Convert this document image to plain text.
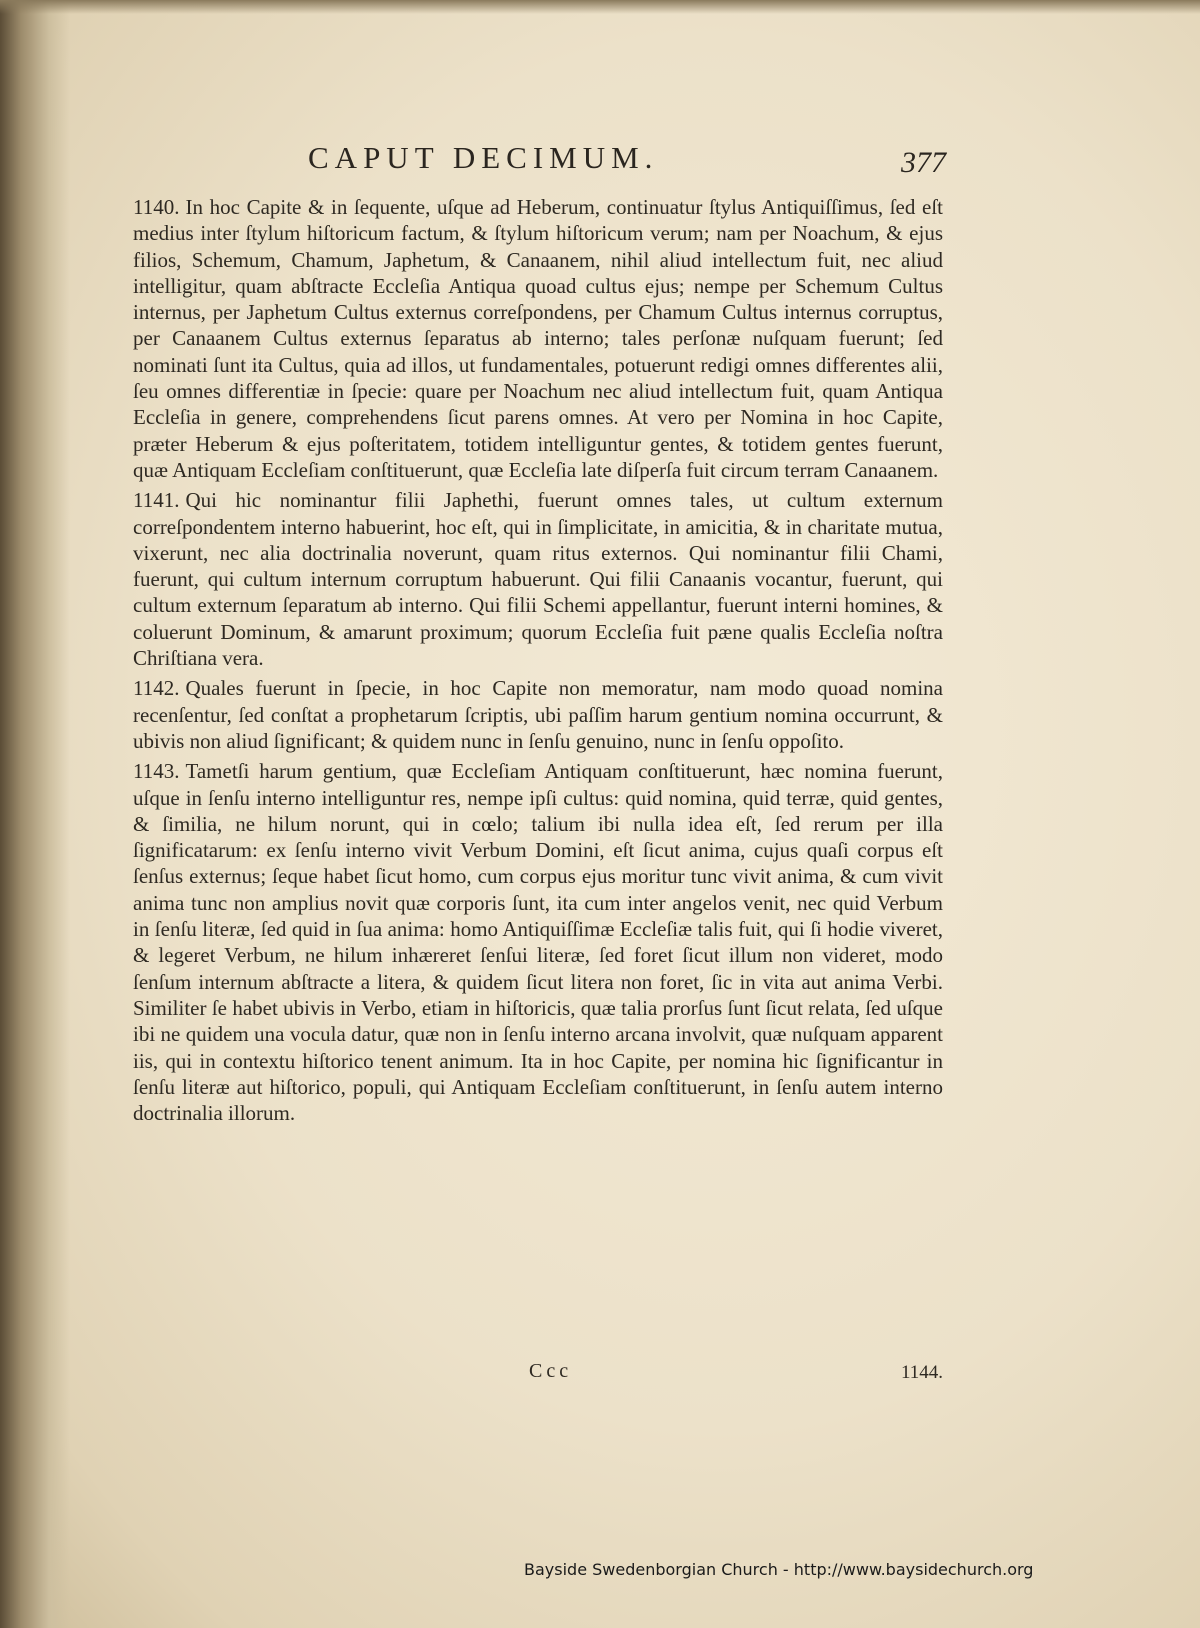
CAPUT DECIMUM.	377

1140. In hoc Capite & in ſequente, uſque ad Heberum, continuatur ſtylus Antiquiſſimus, ſed eſt medius inter ſtylum hiſtoricum factum, & ſtylum hiſtoricum verum; nam per Noachum, & ejus filios, Schemum, Chamum, Japhetum, & Canaanem, nihil aliud intellectum fuit, nec aliud intelligitur, quam abſtracte Eccleſia Antiqua quoad cultus ejus; nempe per Schemum Cultus internus, per Japhetum Cultus externus correſpondens, per Chamum Cultus internus corruptus, per Canaanem Cultus externus ſeparatus ab interno; tales perſonæ nuſquam fuerunt; ſed nominati ſunt ita Cultus, quia ad illos, ut fundamentales, potuerunt redigi omnes differentes alii, ſeu omnes differentiæ in ſpecie: quare per Noachum nec aliud intellectum fuit, quam Antiqua Eccleſia in genere, comprehendens ſicut parens omnes. At vero per Nomina in hoc Capite, præter Heberum & ejus poſteritatem, totidem intelliguntur gentes, & totidem gentes fuerunt, quæ Antiquam Eccleſiam conſtituerunt, quæ Eccleſia late diſperſa fuit circum terram Canaanem.

1141. Qui hic nominantur filii Japhethi, fuerunt omnes tales, ut cultum externum correſpondentem interno habuerint, hoc eſt, qui in ſimplicitate, in amicitia, & in charitate mutua, vixerunt, nec alia doctrinalia noverunt, quam ritus externos. Qui nominantur filii Chami, fuerunt, qui cultum internum corruptum habuerunt. Qui filii Canaanis vocantur, fuerunt, qui cultum externum ſeparatum ab interno. Qui filii Schemi appellantur, fuerunt interni homines, & coluerunt Dominum, & amarunt proximum; quorum Eccleſia fuit pæne qualis Eccleſia noſtra Chriſtiana vera.

1142. Quales fuerunt in ſpecie, in hoc Capite non memoratur, nam modo quoad nomina recenſentur, ſed conſtat a prophetarum ſcriptis, ubi paſſim harum gentium nomina occurrunt, & ubivis non aliud ſignificant; & quidem nunc in ſenſu genuino, nunc in ſenſu oppoſito.

1143. Tametſi harum gentium, quæ Eccleſiam Antiquam conſtituerunt, hæc nomina fuerunt, uſque in ſenſu interno intelliguntur res, nempe ipſi cultus: quid nomina, quid terræ, quid gentes, & ſimilia, ne hilum norunt, qui in cœlo; talium ibi nulla idea eſt, ſed rerum per illa ſignificatarum: ex ſenſu interno vivit Verbum Domini, eſt ſicut anima, cujus quaſi corpus eſt ſenſus externus; ſeque habet ſicut homo, cum corpus ejus moritur tunc vivit anima, & cum vivit anima tunc non amplius novit quæ corporis ſunt, ita cum inter angelos venit, nec quid Verbum in ſenſu literæ, ſed quid in ſua anima: homo Antiquiſſimæ Eccleſiæ talis fuit, qui ſi hodie viveret, & legeret Verbum, ne hilum inhæreret ſenſui literæ, ſed foret ſicut illum non videret, modo ſenſum internum abſtracte a litera, & quidem ſicut litera non foret, ſic in vita aut anima Verbi. Similiter ſe habet ubivis in Verbo, etiam in hiſtoricis, quæ talia prorſus ſunt ſicut relata, ſed uſque ibi ne quidem una vocula datur, quæ non in ſenſu interno arcana involvit, quæ nuſquam apparent iis, qui in contextu hiſtorico tenent animum. Ita in hoc Capite, per nomina hic ſignificantur in ſenſu literæ aut hiſtorico, populi, qui Antiquam Eccleſiam conſtituerunt, in ſenſu autem interno doctrinalia illorum.

Ccc	1144.
Bayside Swedenborgian Church - http://www.baysidechurch.org
